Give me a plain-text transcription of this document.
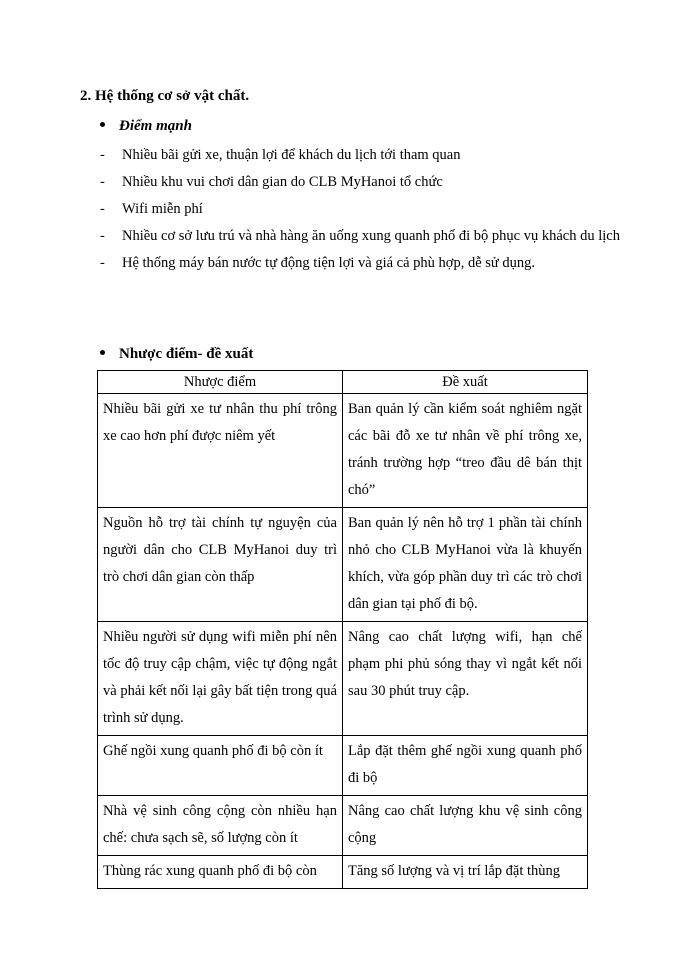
2. Hệ thống cơ sở vật chất.
Điểm mạnh
-	Nhiều bãi gửi xe, thuận lợi để khách du lịch tới tham quan
-	Nhiều khu vui chơi dân gian do CLB MyHanoi tổ chức
-	Wifi miễn phí
-	Nhiều cơ sở lưu trú và nhà hàng ăn uống xung quanh phố đi bộ phục vụ khách du lịch
-	Hệ thống máy bán nước tự động tiện lợi và giá cả phù hợp, dễ sử dụng.
Nhược điểm- đề xuất
Nhược điểm	Đề xuất
Nhiều bãi gửi xe tư nhân thu phí trông xe cao hơn phí được niêm yết	Ban quản lý cần kiểm soát nghiêm ngặt các bãi đỗ xe tư nhân về phí trông xe, tránh trường hợp “treo đầu dê bán thịt chó”
Nguồn hỗ trợ tài chính tự nguyện của người dân cho CLB MyHanoi duy trì trò chơi dân gian còn thấp	Ban quản lý nên hỗ trợ 1 phần tài chính nhỏ cho CLB MyHanoi vừa là khuyến khích, vừa góp phần duy trì các trò chơi dân gian tại phố đi bộ.
Nhiều người sử dụng wifi miễn phí nên tốc độ truy cập chậm, việc tự động ngắt và phải kết nối lại gây bất tiện trong quá trình sử dụng.	Nâng cao chất lượng wifi, hạn chế phạm phi phủ sóng thay vì ngắt kết nối sau 30 phút truy cập.
Ghế ngồi xung quanh phố đi bộ còn ít	Lắp đặt thêm ghế ngồi xung quanh phố đi bộ
Nhà vệ sinh công cộng còn nhiều hạn chế: chưa sạch sẽ, số lượng còn ít	Nâng cao chất lượng khu vệ sinh công cộng
Thùng rác xung quanh phố đi bộ còn	Tăng số lượng và vị trí lắp đặt thùng
